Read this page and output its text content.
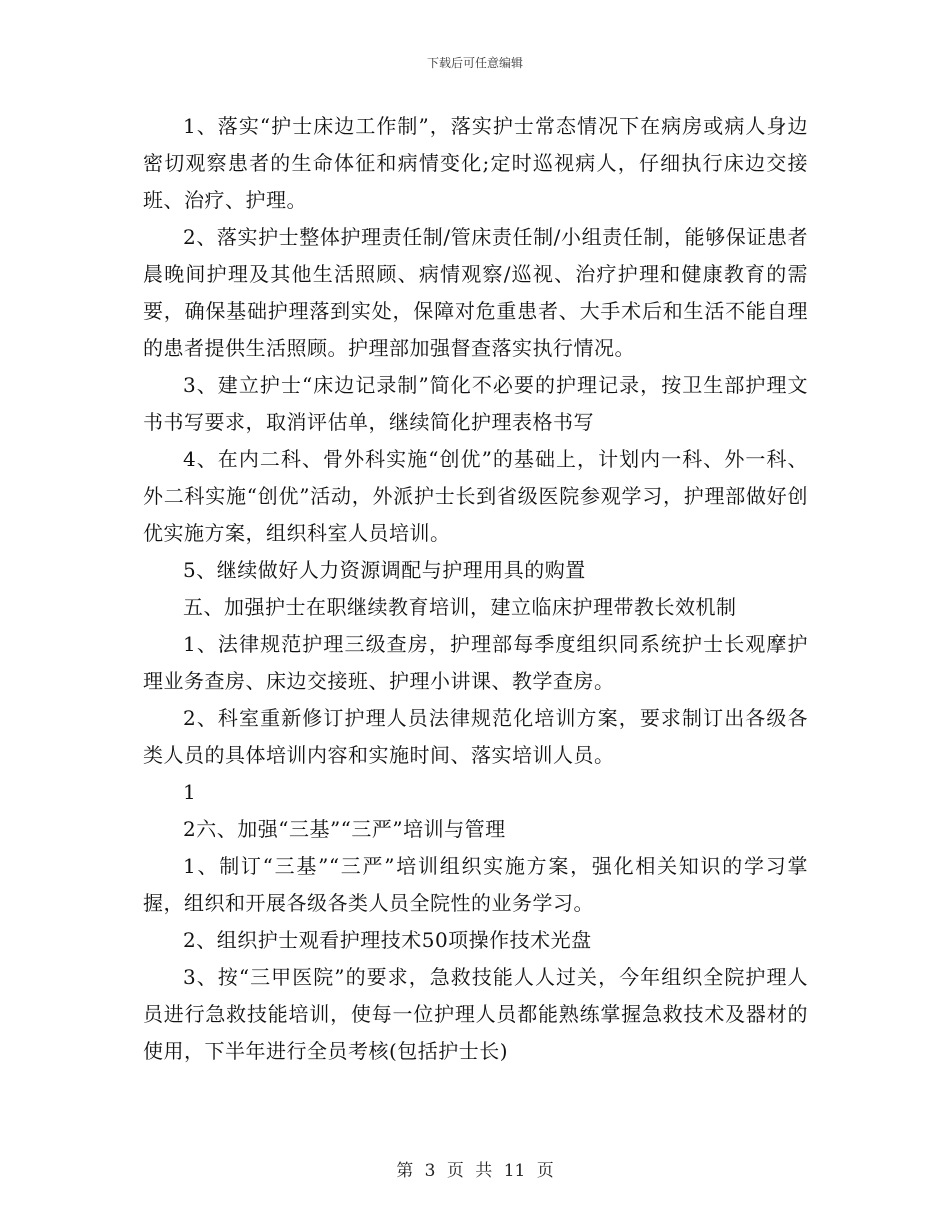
下载后可任意编辑

1、落实“护士床边工作制”，落实护士常态情况下在病房或病人身边密切观察患者的生命体征和病情变化;定时巡视病人，仔细执行床边交接班、治疗、护理。

2、落实护士整体护理责任制/管床责任制/小组责任制，能够保证患者晨晚间护理及其他生活照顾、病情观察/巡视、治疗护理和健康教育的需要，确保基础护理落到实处，保障对危重患者、大手术后和生活不能自理的患者提供生活照顾。护理部加强督查落实执行情况。

3、建立护士“床边记录制”简化不必要的护理记录，按卫生部护理文书书写要求，取消评估单，继续简化护理表格书写

4、在内二科、骨外科实施“创优”的基础上，计划内一科、外一科、外二科实施“创优”活动，外派护士长到省级医院参观学习，护理部做好创优实施方案，组织科室人员培训。

5、继续做好人力资源调配与护理用具的购置

五、加强护士在职继续教育培训，建立临床护理带教长效机制

1、法律规范护理三级查房，护理部每季度组织同系统护士长观摩护理业务查房、床边交接班、护理小讲课、教学查房。

2、科室重新修订护理人员法律规范化培训方案，要求制订出各级各类人员的具体培训内容和实施时间、落实培训人员。

1

2六、加强“三基”“三严”培训与管理

1、制订“三基”“三严”培训组织实施方案，强化相关知识的学习掌握，组织和开展各级各类人员全院性的业务学习。

2、组织护士观看护理技术50项操作技术光盘

3、按“三甲医院”的要求，急救技能人人过关，今年组织全院护理人员进行急救技能培训，使每一位护理人员都能熟练掌握急救技术及器材的使用，下半年进行全员考核(包括护士长)

第 3 页 共 11 页
